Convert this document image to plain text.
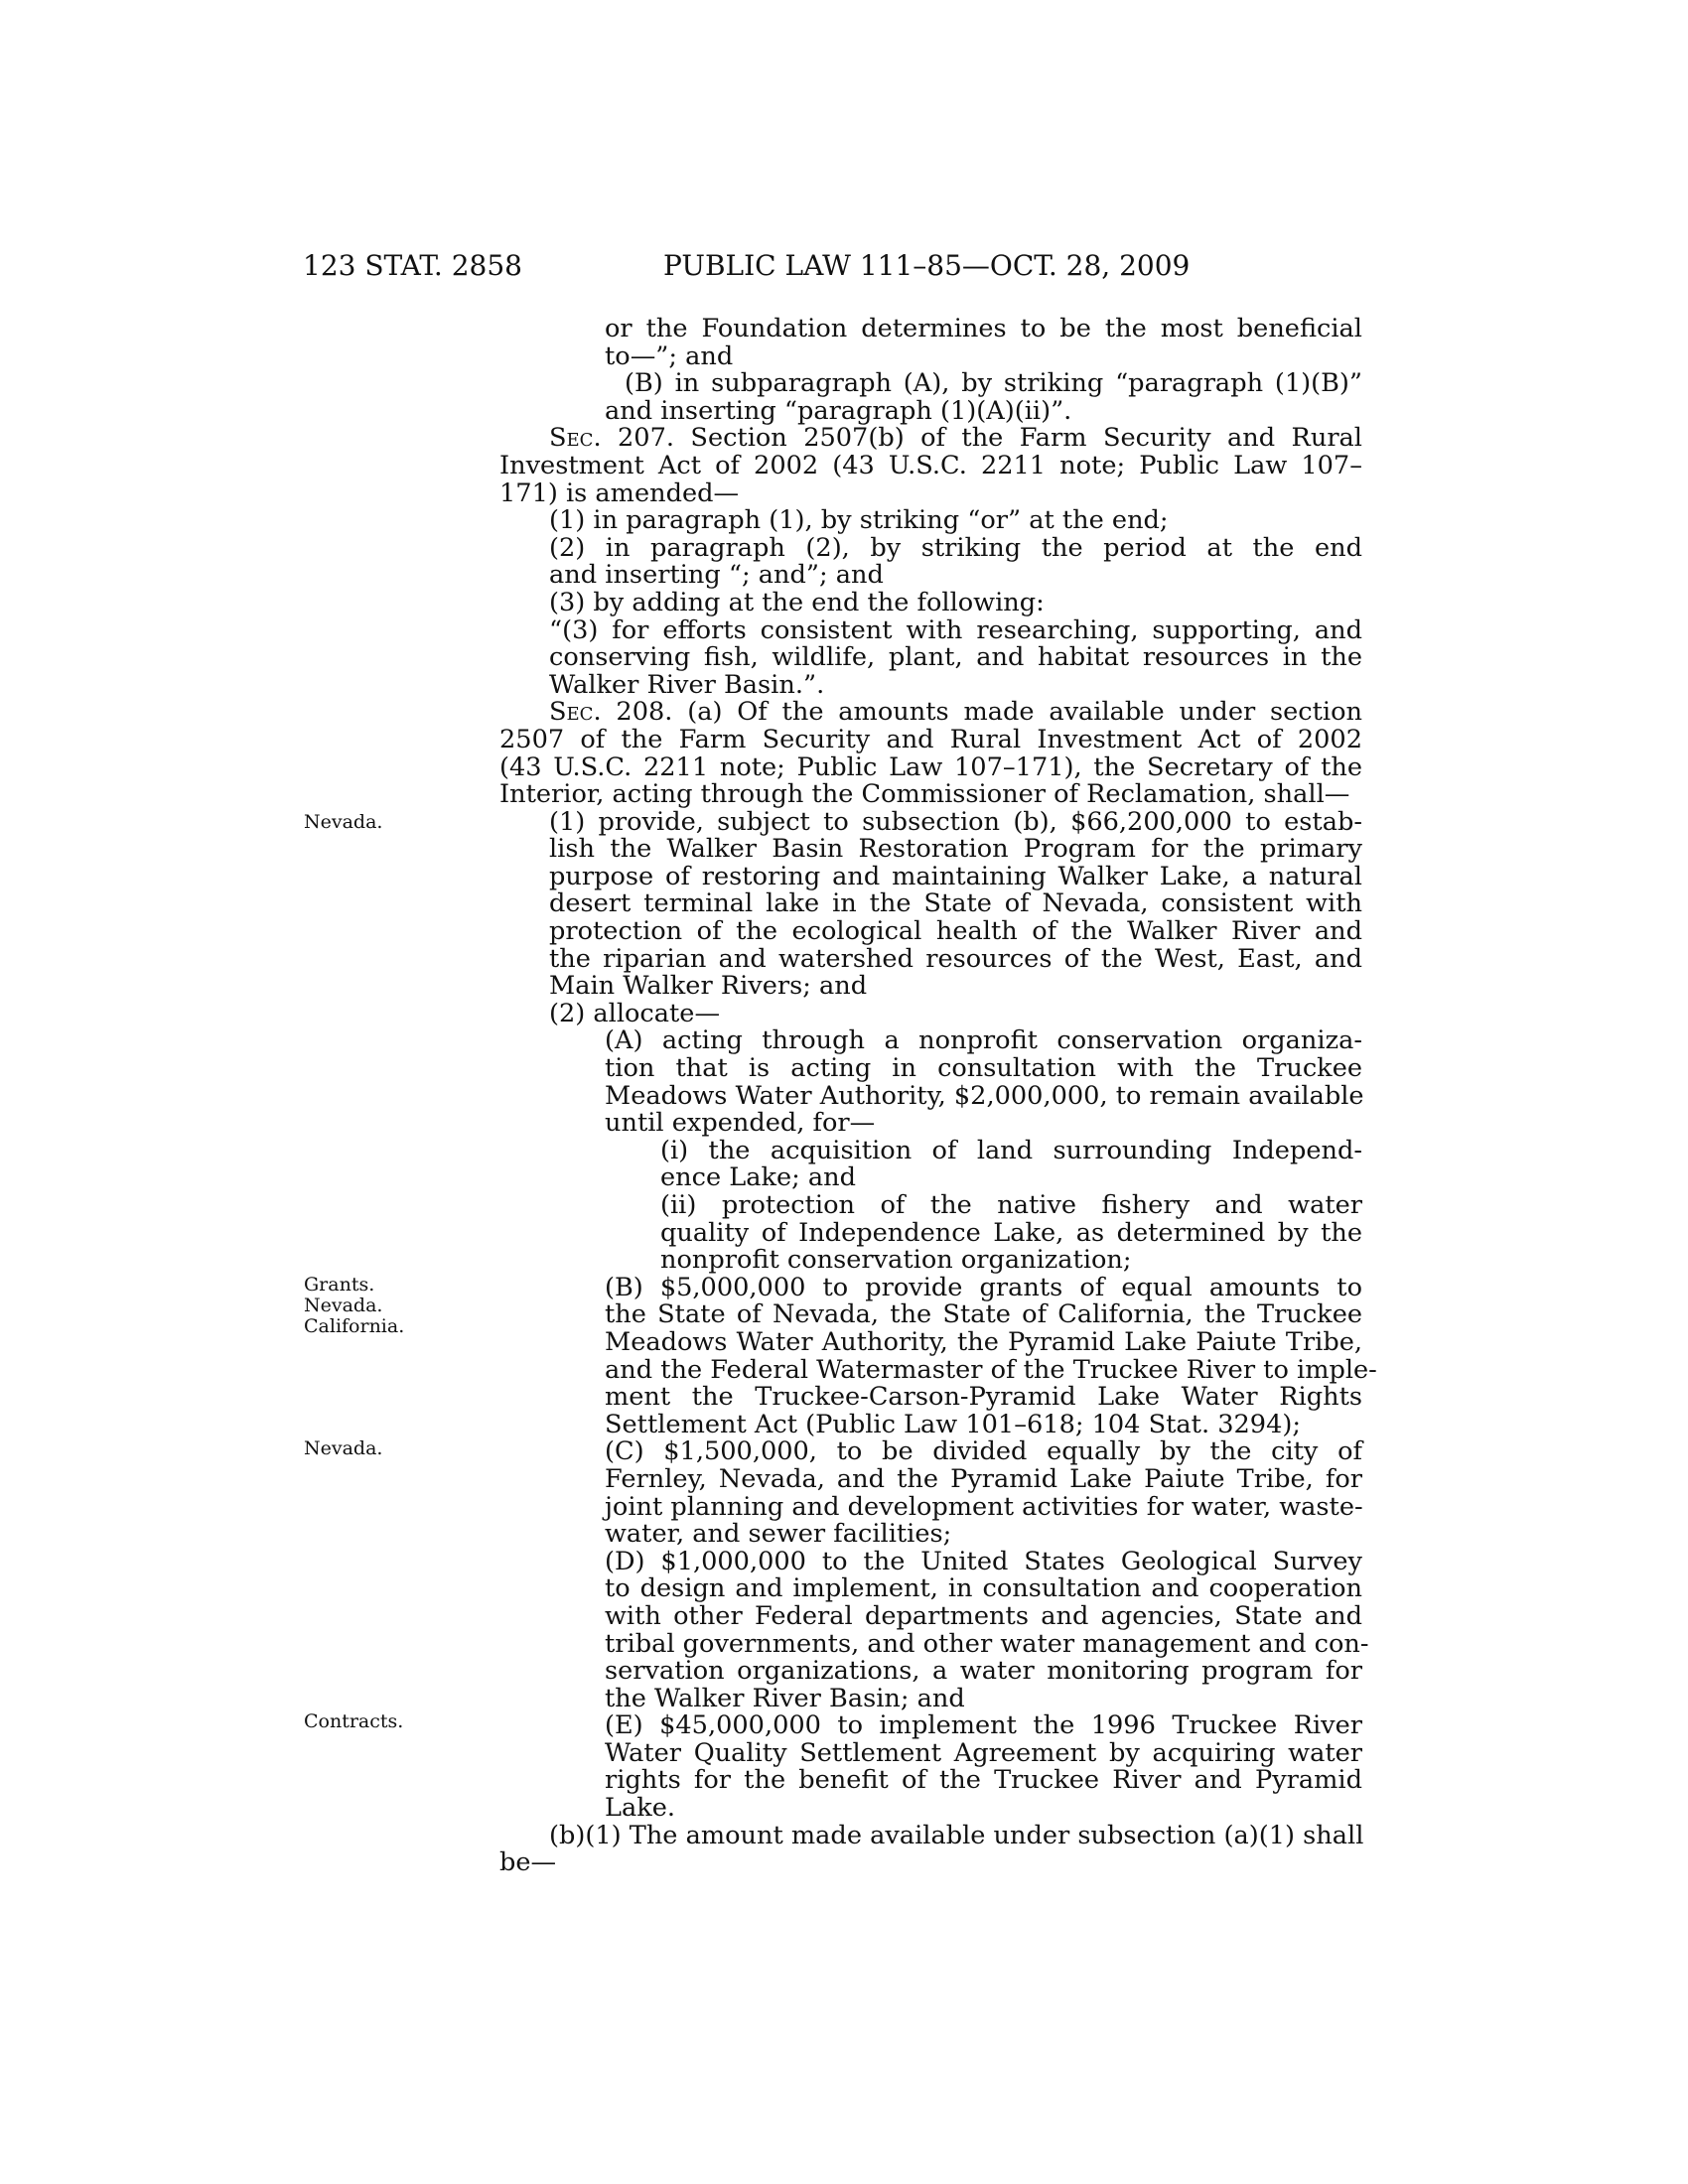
123 STAT. 2858	PUBLIC LAW 111–85—OCT. 28, 2009
Nevada.
Grants.
Nevada.
California.
Nevada.
Contracts.
or the Foundation determines to be the most beneficial
to—”; and
(B) in subparagraph (A), by striking “paragraph (1)(B)”
and inserting “paragraph (1)(A)(ii)”.
Sec. 207. Section 2507(b) of the Farm Security and Rural
Investment Act of 2002 (43 U.S.C. 2211 note; Public Law 107–
171) is amended—
(1) in paragraph (1), by striking “or” at the end;
(2) in paragraph (2), by striking the period at the end
and inserting “; and”; and
(3) by adding at the end the following:
“(3) for efforts consistent with researching, supporting, and
conserving fish, wildlife, plant, and habitat resources in the
Walker River Basin.”.
Sec. 208. (a) Of the amounts made available under section
2507 of the Farm Security and Rural Investment Act of 2002
(43 U.S.C. 2211 note; Public Law 107–171), the Secretary of the
Interior, acting through the Commissioner of Reclamation, shall—
(1) provide, subject to subsection (b), $66,200,000 to estab-
lish the Walker Basin Restoration Program for the primary
purpose of restoring and maintaining Walker Lake, a natural
desert terminal lake in the State of Nevada, consistent with
protection of the ecological health of the Walker River and
the riparian and watershed resources of the West, East, and
Main Walker Rivers; and
(2) allocate—
(A) acting through a nonprofit conservation organiza-
tion that is acting in consultation with the Truckee
Meadows Water Authority, $2,000,000, to remain available
until expended, for—
(i) the acquisition of land surrounding Independ-
ence Lake; and
(ii) protection of the native fishery and water
quality of Independence Lake, as determined by the
nonprofit conservation organization;
(B) $5,000,000 to provide grants of equal amounts to
the State of Nevada, the State of California, the Truckee
Meadows Water Authority, the Pyramid Lake Paiute Tribe,
and the Federal Watermaster of the Truckee River to imple-
ment the Truckee-Carson-Pyramid Lake Water Rights
Settlement Act (Public Law 101–618; 104 Stat. 3294);
(C) $1,500,000, to be divided equally by the city of
Fernley, Nevada, and the Pyramid Lake Paiute Tribe, for
joint planning and development activities for water, waste-
water, and sewer facilities;
(D) $1,000,000 to the United States Geological Survey
to design and implement, in consultation and cooperation
with other Federal departments and agencies, State and
tribal governments, and other water management and con-
servation organizations, a water monitoring program for
the Walker River Basin; and
(E) $45,000,000 to implement the 1996 Truckee River
Water Quality Settlement Agreement by acquiring water
rights for the benefit of the Truckee River and Pyramid
Lake.
(b)(1) The amount made available under subsection (a)(1) shall
be—
